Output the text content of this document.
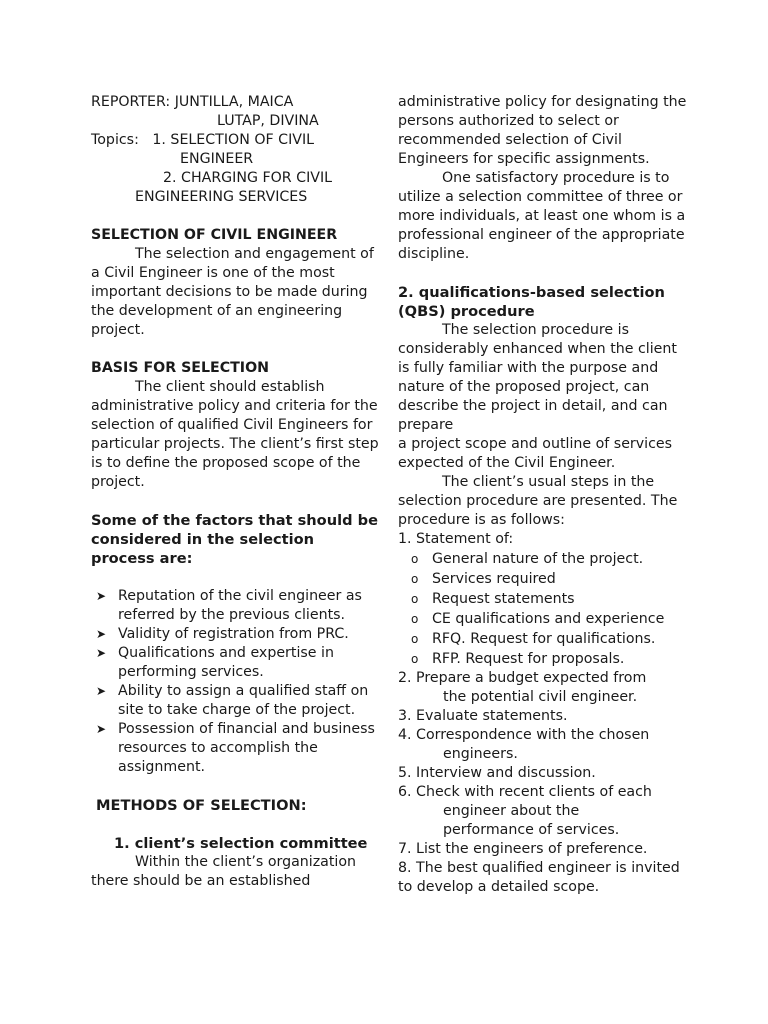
REPORTER: JUNTILLA, MAICA

LUTAP, DIVINA

Topics: 1. SELECTION OF CIVIL

ENGINEER

2. CHARGING FOR CIVIL

ENGINEERING SERVICES

SELECTION OF CIVIL ENGINEER

The selection and engagement of a Civil Engineer is one of the most important decisions to be made during the development of an engineering project.

BASIS FOR SELECTION

The client should establish administrative policy and criteria for the selection of qualified Civil Engineers for particular projects. The client’s first step is to define the proposed scope of the project.

Some of the factors that should be considered in the selection process are:

➤ Reputation of the civil engineer as referred by the previous clients.
➤ Validity of registration from PRC.
➤ Qualifications and expertise in performing services.
➤ Ability to assign a qualified staff on site to take charge of the project.
➤ Possession of financial and business resources to accomplish the assignment.

METHODS OF SELECTION:

1. client’s selection committee

Within the client’s organization there should be an established

administrative policy for designating the persons authorized to select or recommended selection of Civil Engineers for specific assignments.

One satisfactory procedure is to utilize a selection committee of three or more individuals, at least one whom is a professional engineer of the appropriate discipline.

2. qualifications-based selection (QBS) procedure

The selection procedure is considerably enhanced when the client is fully familiar with the purpose and nature of the proposed project, can describe the project in detail, and can prepare

a project scope and outline of services expected of the Civil Engineer.

The client’s usual steps in the selection procedure are presented. The procedure is as follows:

1. Statement of:

o General nature of the project.
o Services required
o Request statements
o CE qualifications and experience
o RFQ. Request for qualifications.
o RFP. Request for proposals.

2. Prepare a budget expected from

the potential civil engineer.

3. Evaluate statements.

4. Correspondence with the chosen

engineers.

5. Interview and discussion.

6. Check with recent clients of each

engineer about the

performance of services.

7. List the engineers of preference.

8. The best qualified engineer is invited to develop a detailed scope.
